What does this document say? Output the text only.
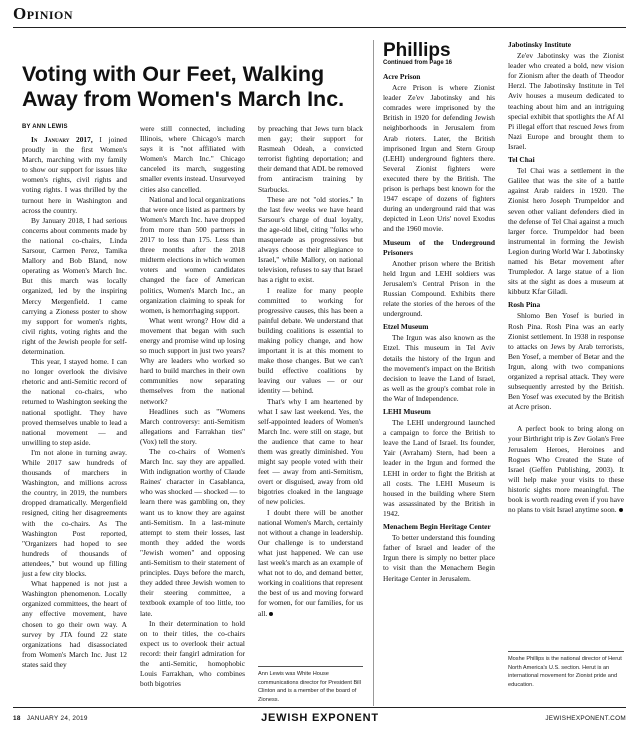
Opinion
Voting with Our Feet, Walking Away from Women's March Inc.
BY ANN LEWIS

In January 2017, I joined proudly in the first Women's March, marching with my family to show our support for issues like women's rights, civil rights and voting rights. I was thrilled by the turnout here in Washington and across the country.

By January 2018, I had serious concerns about comments made by the national co-chairs, Linda Sarsour, Carmen Perez, Tamika Mallory and Bob Bland, now operating as Women's March Inc. But this march was locally organized, led by the inspiring Mercy Mergenfield. I came carrying a Zioness poster to show my support for women's rights, civil rights, voting rights and the right of the Jewish people for self-determination.

This year, I stayed home. I can no longer overlook the divisive rhetoric and anti-Semitic record of the national co-chairs, who returned to Washington seeking the national spotlight. They have proved themselves unable to lead a national movement — and unwilling to step aside.

I'm not alone in turning away. While 2017 saw hundreds of thousands of marchers in Washington, and millions across the country, in 2019, the numbers dropped dramatically. Mergenfield resigned, citing her disagreements with the co-chairs. As The Washington Post reported, "Organizers had hoped to see hundreds of thousands of attendees," but wound up filling just a few city blocks.

What happened is not just a Washington phenomenon. Locally organized committees, the heart of any effective movement, have chosen to go their own way. A survey by JTA found 22 state organizations had disassociated from Women's March Inc. Just 12 states said they

were still connected, including Illinois, where Chicago's march says it is "not affiliated with Women's March Inc." Chicago canceled its march, suggesting smaller events instead. Unsurveyed cities also cancelled.

National and local organizations that were once listed as partners by Women's March Inc. have dropped from more than 500 partners in 2017 to less than 175. Less than three months after the 2018 midterm elections in which women voters and women candidates changed the face of American politics, Women's March Inc., an organization claiming to speak for women, is hemorrhaging support.

What went wrong? How did a movement that began with such energy and promise wind up losing so much support in just two years? Why are leaders who worked so hard to build marches in their own communities now separating themselves from the national network?

Headlines such as "Womens March controversy: anti-Semitism allegations and Farrakhan ties" (Vox) tell the story.

The co-chairs of Women's March Inc. say they are appalled. With indignation worthy of Claude Raines' character in Casablanca, who was shocked — shocked — to learn there was gambling on, they want us to know they are against anti-Semitism. In a last-minute attempt to stem their losses, last month they added the words "Jewish women" and opposing anti-Semitism to their statement of principles. Days before the march, they added three Jewish women to their steering committee, a textbook example of too little, too late.

In their determination to hold on to their titles, the co-chairs expect us to overlook their actual record: their fangirl admiration for the anti-Semitic, homophobic Louis Farrakhan, who combines both bigotries

by preaching that Jews turn black men gay; their support for Rasmeah Odeah, a convicted terrorist fighting deportation; and their demand that ADL be removed from antiracism training by Starbucks.

These are not "old stories." In the last few weeks we have heard Sarsour's charge of dual loyalty, the age-old libel, citing "folks who masquerade as progressives but always choose their allegiance to Israel," while Mallory, on national television, refuses to say that Israel has a right to exist.

I realize for many people committed to working for progressive causes, this has been a painful debate. We understand that building coalitions is essential to making policy change, and how important it is at this moment to make those changes. But we can't build effective coalitions by leaving our values — or our identity — behind.

That's why I am heartened by what I saw last weekend. Yes, the self-appointed leaders of Women's March Inc. were still on stage, but the audience that came to hear them was greatly diminished. You might say people voted with their feet — away from anti-Semitism, overt or disguised, away from old bigotries cloaked in the language of new policies.

I doubt there will be another national Women's March, certainly not without a change in leadership. Our challenge is to understand what just happened. We can use last week's march as an example of what not to do, and demand better, working in coalitions that represent the best of us and moving forward for women, for our families, for us all.

Ann Lewis was White House communications director for President Bill Clinton and is a member of the board of Zioness.
Phillips
Continued from Page 16
Acre Prison

Acre Prison is where Zionist leader Ze'ev Jabotinsky and his comrades were imprisoned by the British in 1920 for defending Jewish neighborhoods in Jerusalem from Arab rioters. Later, the British imprisoned Irgun and Stern Group (LEHI) underground fighters there. Several Zionist fighters were executed there by the British. The prison is perhaps best known for the 1947 escape of dozens of fighters during an underground raid that was depicted in Leon Uris' novel Exodus and the 1960 movie.

Museum of the Underground Prisoners

Another prison where the British held Irgun and LEHI soldiers was Jerusalem's Central Prison in the Russian Compound. Exhibits there relate the stories of the heroes of the underground.

Etzel Museum

The Irgun was also known as the Etzel. This museum in Tel Aviv details the history of the Irgun and the movement's impact on the British decision to leave the Land of Israel, as well as the group's combat role in the War of Independence.

LEHI Museum

The LEHI underground launched a campaign to force the British to leave the Land of Israel. Its founder, Yair (Avraham) Stern, had been a leader in the Irgun and formed the LEHI in order to fight the British at all costs. The LEHI Museum is housed in the building where Stern was assassinated by the British in 1942.

Menachem Begin Heritage Center

To better understand this founding father of Israel and leader of the Irgun there is simply no better place to visit than the Menachem Begin Heritage Center in Jerusalem.

Jabotinsky Institute

Ze'ev Jabotinsky was the Zionist leader who created a bold, new vision for Zionism after the death of Theodor Herzl. The Jabotinsky Institute in Tel Aviv houses a museum dedicated to teaching about him and an intriguing special exhibit that spotlights the Af Al Pi illegal effort that rescued Jews from Nazi Europe and brought them to Israel.

Tel Chai

Tel Chai was a settlement in the Galilee that was the site of a battle against Arab raiders in 1920. The Zionist hero Joseph Trumpeldor and seven other valiant defenders died in the defense of Tel Chai against a much larger force. Trumpeldor had been instrumental in forming the Jewish Legion during World War I. Jabotinsky named his Betar movement after Trumpledor. A large statue of a lion sits at the sight as does a museum at kibbutz Kfar Giladi.

Rosh Pina

Shlomo Ben Yosef is buried in Rosh Pina. Rosh Pina was an early Zionist settlement. In 1938 in response to attacks on Jews by Arab terrorists, Ben Yosef, a member of Betar and the Irgun, along with two companions organized a reprisal attack. They were subsequently arrested by the British. Ben Yosef was executed by the British at Acre prison.

A perfect book to bring along on your Birthright trip is Zev Golan's Free Jerusalem Heroes, Heroines and Rogues Who Created the State of Israel (Geffen Publishing, 2003). It will help make your visits to these historic sights more meaningful. The book is worth reading even if you have no plans to visit Israel anytime soon.

Moshe Phillips is the national director of Herut North America's U.S. section. Herut is an international movement for Zionist pride and education.
18 JANUARY 24, 2019	JEWISH EXPONENT	JEWISHEXPONENT.COM
